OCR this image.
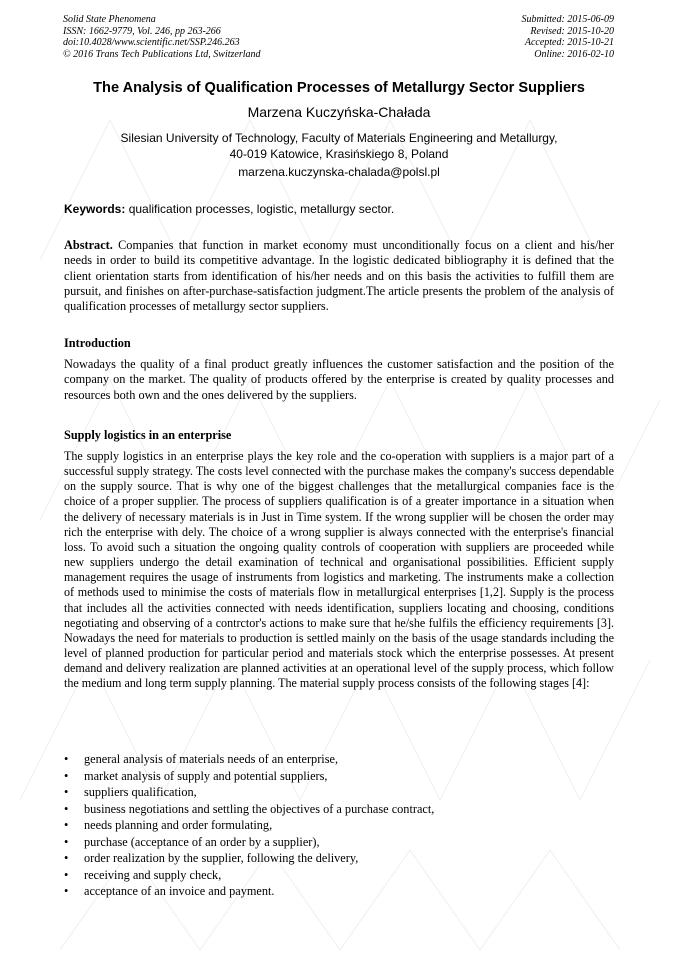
Solid State Phenomena
ISSN: 1662-9779, Vol. 246, pp 263-266
doi:10.4028/www.scientific.net/SSP.246.263
© 2016 Trans Tech Publications Ltd, Switzerland
Submitted: 2015-06-09
Revised: 2015-10-20
Accepted: 2015-10-21
Online: 2016-02-10
The Analysis of Qualification Processes of Metallurgy Sector Suppliers
Marzena Kuczyńska-Chałada
Silesian University of Technology, Faculty of Materials Engineering and Metallurgy,
40-019 Katowice, Krasińskiego 8, Poland
marzena.kuczynska-chalada@polsl.pl
Keywords: qualification processes, logistic, metallurgy sector.
Abstract. Companies that function in market economy must unconditionally focus on a client and his/her needs in order to build its competitive advantage. In the logistic dedicated bibliography it is defined that the client orientation starts from identification of his/her needs and on this basis the activities to fulfill them are pursuit, and finishes on after-purchase-satisfaction judgment.The article presents the problem of the analysis of qualification processes of metallurgy sector suppliers.
Introduction
Nowadays the quality of a final product greatly influences the customer satisfaction and the position of the company on the market. The quality of products offered by the enterprise is created by quality processes and resources both own and the ones delivered by the suppliers.
Supply logistics in an enterprise
The supply logistics in an enterprise plays the key role and the co-operation with suppliers is a major part of a successful supply strategy. The costs level connected with the purchase makes the company's success dependable on the supply source. That is why one of the biggest challenges that the metallurgical companies face is the choice of a proper supplier. The process of suppliers qualification is of a greater importance in a situation when the delivery of necessary materials is in Just in Time system. If the wrong supplier will be chosen the order may rich the enterprise with dely. The choice of a wrong supplier is always connected with the enterprise's financial loss. To avoid such a situation the ongoing quality controls of cooperation with suppliers are proceeded while new suppliers undergo the detail examination of technical and organisational possibilities. Efficient supply management requires the usage of instruments from logistics and marketing. The instruments make a collection of methods used to minimise the costs of materials flow in metallurgical enterprises [1,2]. Supply is the process that includes all the activities connected with needs identification, suppliers locating and choosing, conditions negotiating and observing of a contrctor's actions to make sure that he/she fulfils the efficiency requirements [3]. Nowadays the need for materials to production is settled mainly on the basis of the usage standards including the level of planned production for particular period and materials stock which the enterprise possesses. At present demand and delivery realization are planned activities at an operational level of the supply process, which follow the medium and long term supply planning. The material supply process consists of the following stages [4]:
• general analysis of materials needs of an enterprise,
• market analysis of supply and potential suppliers,
• suppliers qualification,
• business negotiations and settling the objectives of a purchase contract,
• needs planning and order formulating,
• purchase (acceptance of an order by a supplier),
• order realization by the supplier, following the delivery,
• receiving and supply check,
• acceptance of an invoice and payment.
